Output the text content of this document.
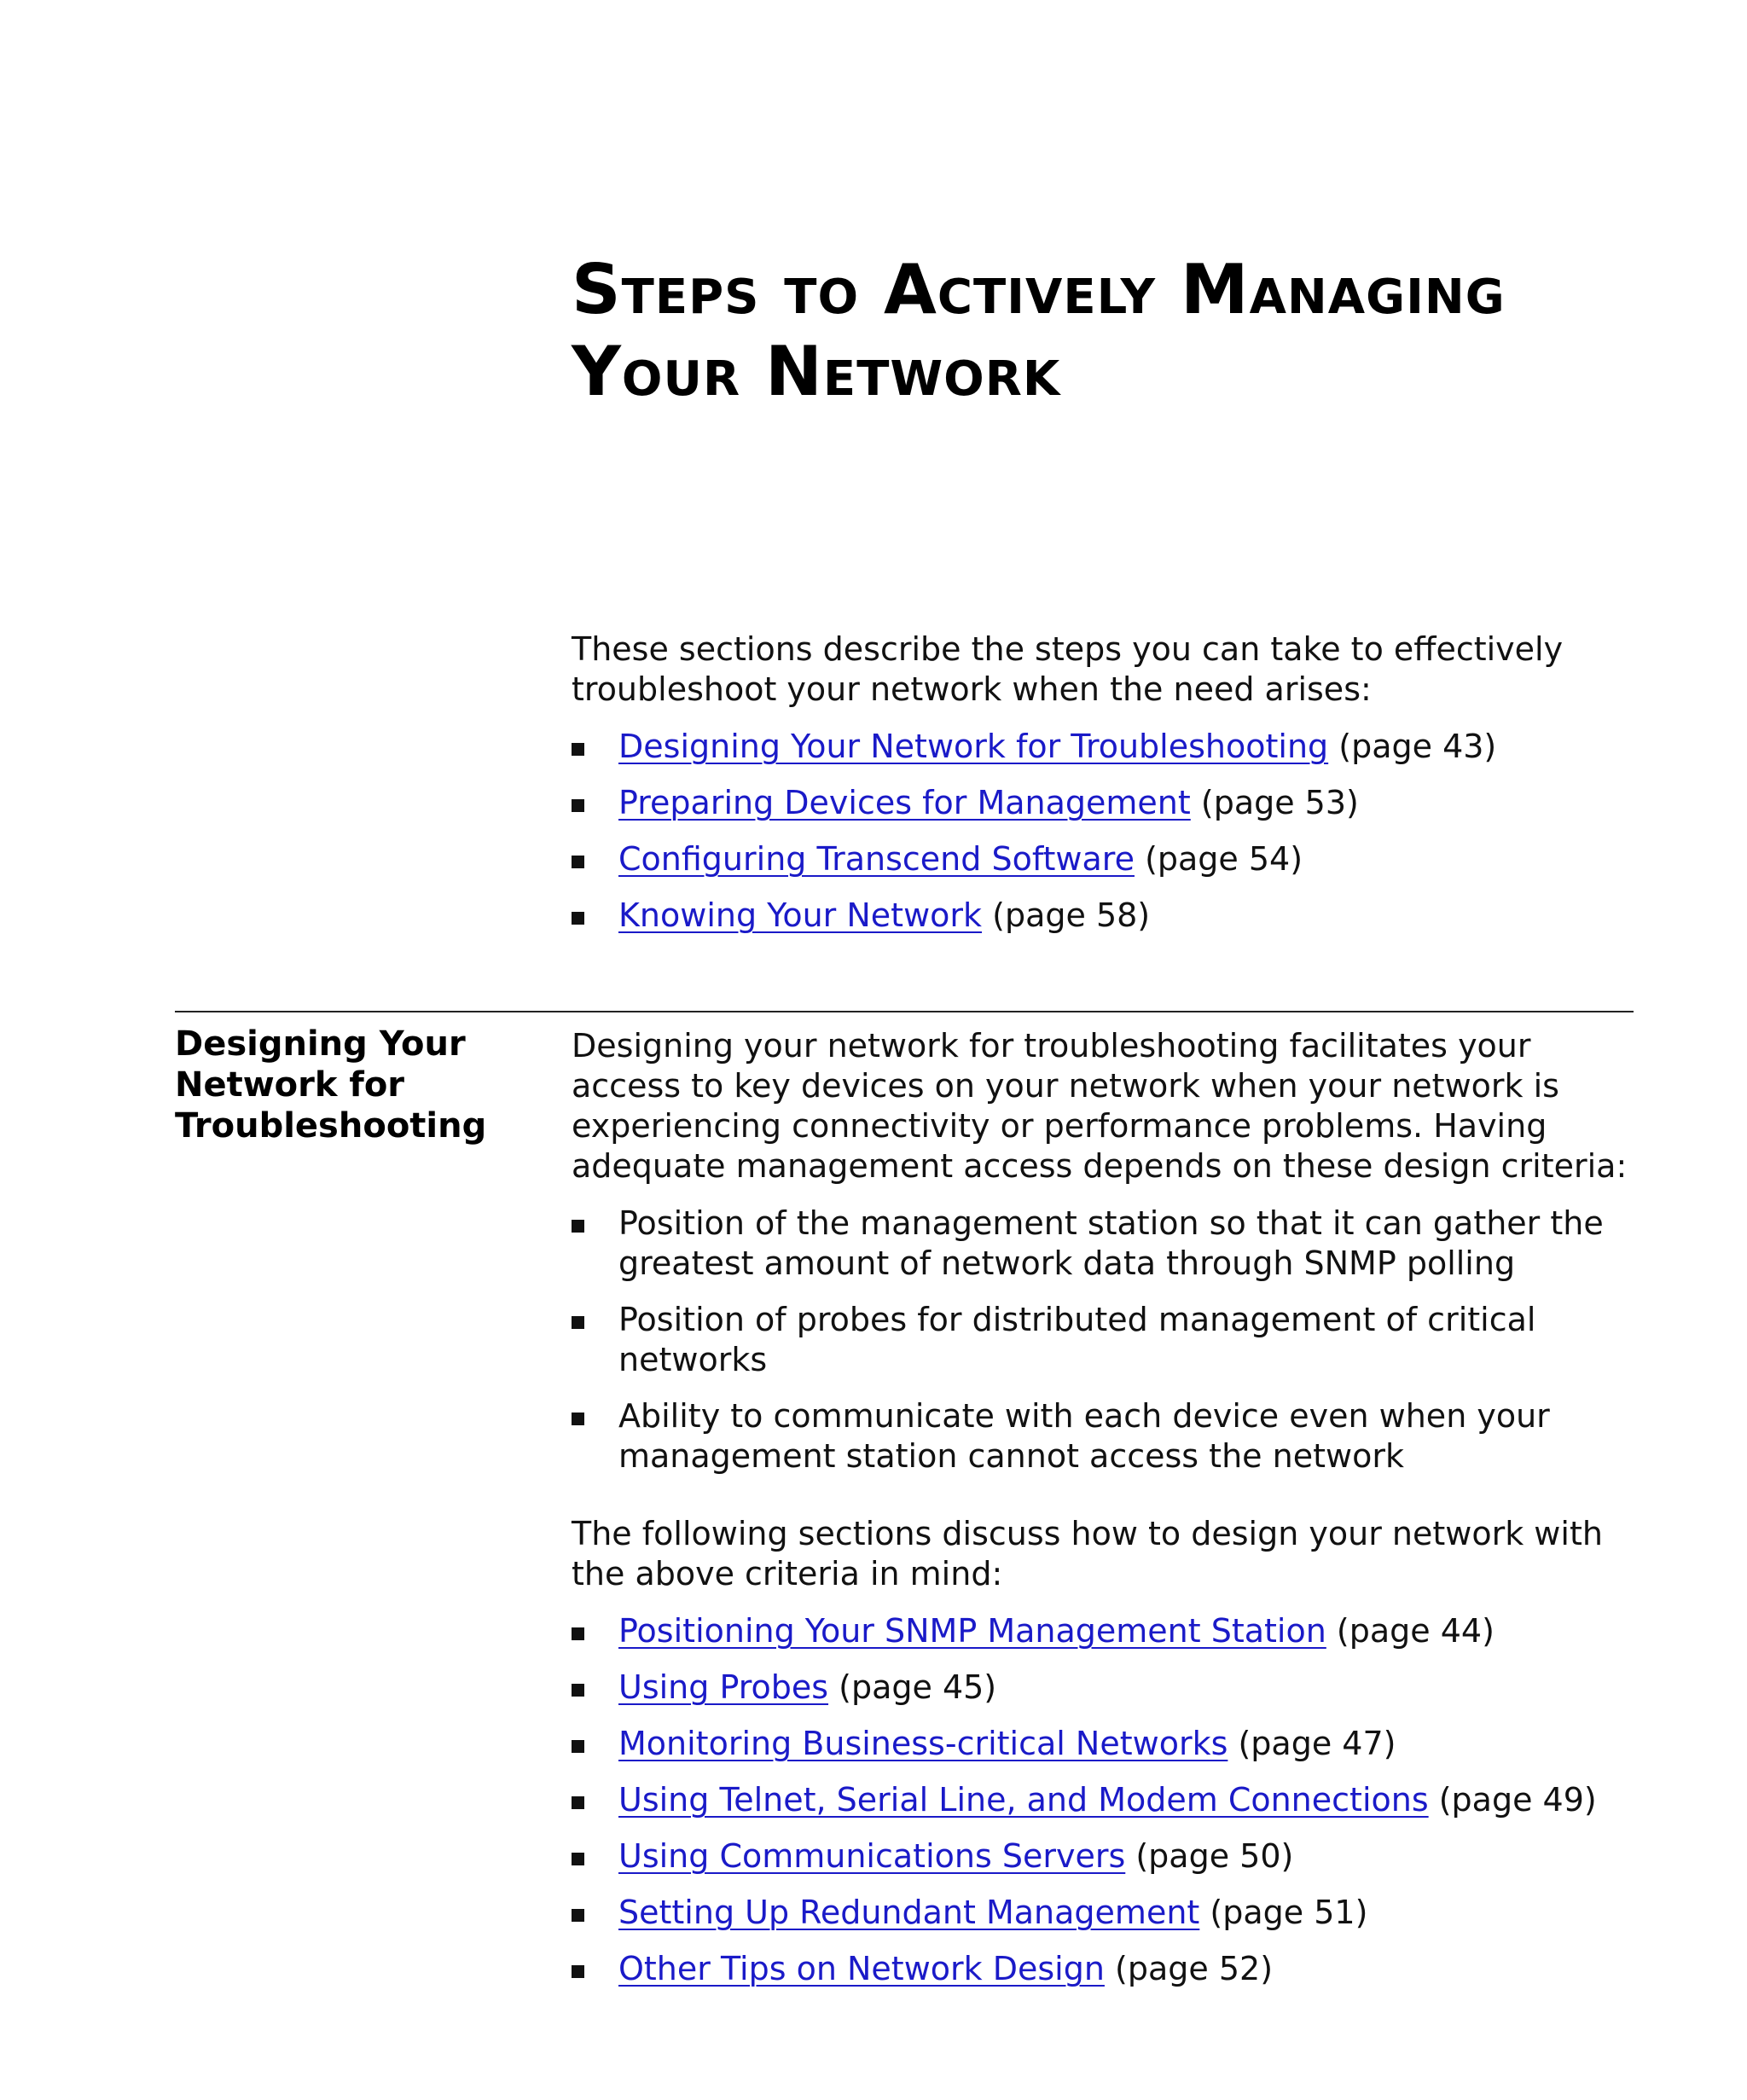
Steps to Actively Managing
Your Network

These sections describe the steps you can take to effectively troubleshoot your network when the need arises:

Designing Your Network for Troubleshooting (page 43)
Preparing Devices for Management (page 53)
Configuring Transcend Software (page 54)
Knowing Your Network (page 58)
Designing Your Network for Troubleshooting

Designing your network for troubleshooting facilitates your access to key devices on your network when your network is experiencing connectivity or performance problems. Having adequate management access depends on these design criteria:

Position of the management station so that it can gather the greatest amount of network data through SNMP polling
Position of probes for distributed management of critical networks
Ability to communicate with each device even when your management station cannot access the network

The following sections discuss how to design your network with the above criteria in mind:

Positioning Your SNMP Management Station (page 44)
Using Probes (page 45)
Monitoring Business-critical Networks (page 47)
Using Telnet, Serial Line, and Modem Connections (page 49)
Using Communications Servers (page 50)
Setting Up Redundant Management (page 51)
Other Tips on Network Design (page 52)
